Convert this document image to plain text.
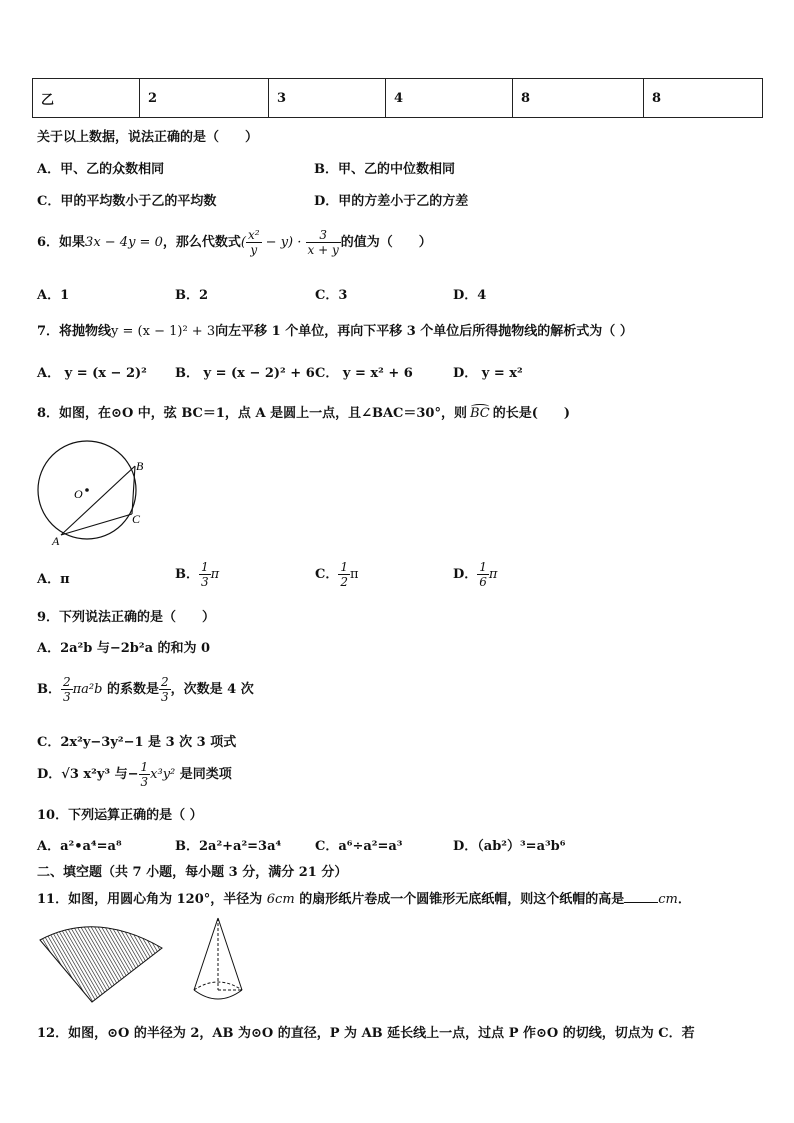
乙	2	3	4	8	8
关于以上数据，说法正确的是（　　）
A．甲、乙的众数相同	B．甲、乙的中位数相同
C．甲的平均数小于乙的平均数	D．甲的方差小于乙的方差
6．如果3x − 4y = 0，那么代数式( $\frac{\text{x²}}{y} - y) \cdot \frac{3}{x + y}$ 的值为（　　）
A．1	B．2	C．3	D．4
7．将抛物线y = (x − 1)² + 3向左平移 1 个单位，再向下平移 3 个单位后所得抛物线的解析式为（ ）
A． y = (x − 2)² B． y = (x − 2)² + 6 C． y = x² + 6	D． y = x²
8．如图，在⊙O 中，弦 BC＝1，点 A 是圆上一点，且∠BAC＝30°，则 BC 的长是(　　)
O
B
C
A
A．π	B． $\frac{1}{3}$ π	C． $\frac{1}{2}$ π	D． $\frac{1}{6}$ π
9．下列说法正确的是（　　）
A．2a²b 与−2b²a 的和为 0
B． $\frac{2}{3} \pi a^2b$ 的系数是 $\frac{2}{3}$ ，次数是 4 次
C．2x²y−3y²−1 是 3 次 3 项式
D．√3 x²y³ 与− $\frac{1}{3} x^3y^2$ 是同类项
10．下列运算正确的是（ ）
A．a²•a⁴=a⁸	B．2a²+a²=3a⁴	C．a⁶÷a²=a³	D．（ab²）³=a³b⁶
二、填空题（共 7 小题，每小题 3 分，满分 21 分）
11．如图，用圆心角为 120°，半径为 6cm 的扇形纸片卷成一个圆锥形无底纸帽，则这个纸帽的高是	cm．
12．如图，⊙O 的半径为 2，AB 为⊙O 的直径，P 为 AB 延长线上一点，过点 P 作⊙O 的切线，切点为 C．若
